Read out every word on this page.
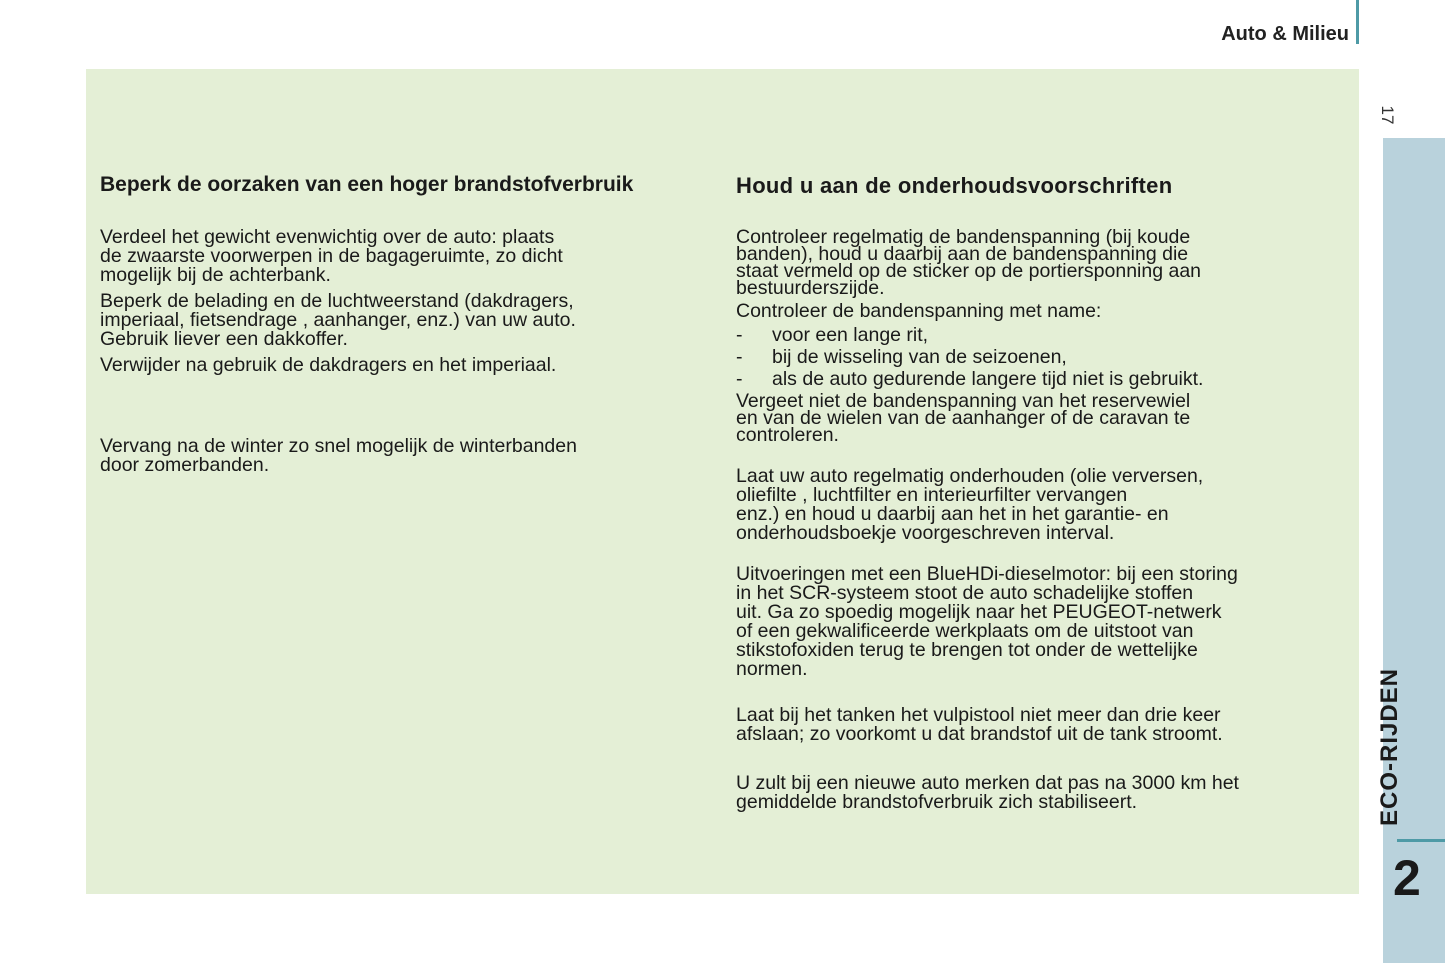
Auto & Milieu
17
ECO-RIJDEN
2
Beperk de oorzaken van een hoger brandstofverbruik
Verdeel het gewicht evenwichtig over de auto: plaats
de zwaarste voorwerpen in de bagageruimte, zo dicht
mogelijk bij de achterbank.
Beperk de belading en de luchtweerstand (dakdragers,
imperiaal, fietsendrage , aanhanger, enz.) van uw auto.
Gebruik liever een dakkoffer.
Verwijder na gebruik de dakdragers en het imperiaal.
Vervang na de winter zo snel mogelijk de winterbanden
door zomerbanden.
Houd u aan de onderhoudsvoorschriften
Controleer regelmatig de bandenspanning (bij koude
banden), houd u daarbij aan de bandenspanning die
staat vermeld op de sticker op de portiersponning aan
bestuurderszijde.
Controleer de bandenspanning met name:
- voor een lange rit,
- bij de wisseling van de seizoenen,
- als de auto gedurende langere tijd niet is gebruikt.
Vergeet niet de bandenspanning van het reservewiel
en van de wielen van de aanhanger of de caravan te
controleren.
Laat uw auto regelmatig onderhouden (olie verversen,
oliefilte , luchtfilter en interieurfilter vervangen
enz.) en houd u daarbij aan het in het garantie- en
onderhoudsboekje voorgeschreven interval.
Uitvoeringen met een BlueHDi-dieselmotor: bij een storing
in het SCR-systeem stoot de auto schadelijke stoffen
uit. Ga zo spoedig mogelijk naar het PEUGEOT-netwerk
of een gekwalificeerde werkplaats om de uitstoot van
stikstofoxiden terug te brengen tot onder de wettelijke
normen.
Laat bij het tanken het vulpistool niet meer dan drie keer
afslaan; zo voorkomt u dat brandstof uit de tank stroomt.
U zult bij een nieuwe auto merken dat pas na 3000 km het
gemiddelde brandstofverbruik zich stabiliseert.
